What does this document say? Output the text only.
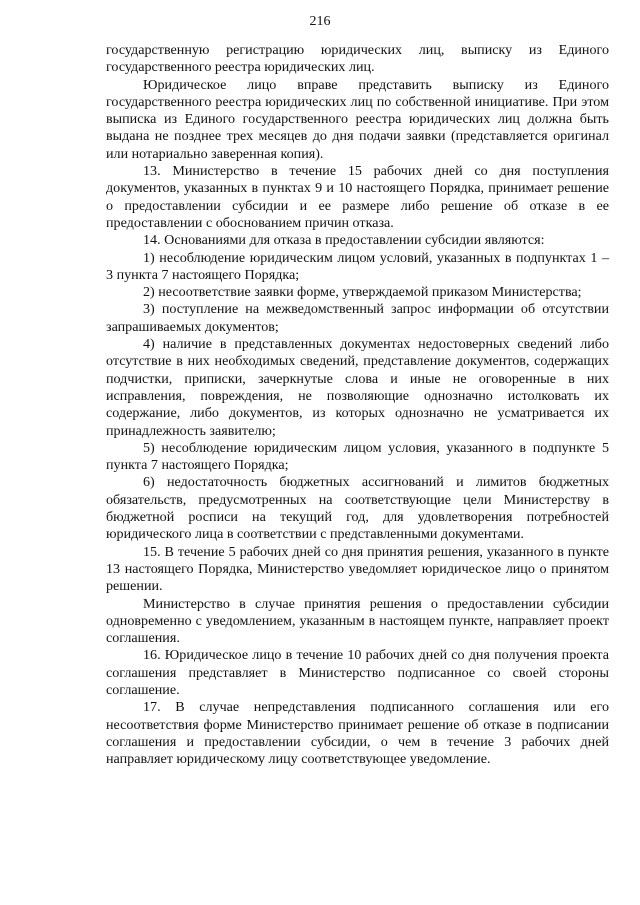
216

государственную регистрацию юридических лиц, выписку из Единого государственного реестра юридических лиц.

Юридическое лицо вправе представить выписку из Единого государственного реестра юридических лиц по собственной инициативе. При этом выписка из Единого государственного реестра юридических лиц должна быть выдана не позднее трех месяцев до дня подачи заявки (представляется оригинал или нотариально заверенная копия).

13. Министерство в течение 15 рабочих дней со дня поступления документов, указанных в пунктах 9 и 10 настоящего Порядка, принимает решение о предоставлении субсидии и ее размере либо решение об отказе в ее предоставлении с обоснованием причин отказа.

14. Основаниями для отказа в предоставлении субсидии являются:

1) несоблюдение юридическим лицом условий, указанных в подпунктах 1 – 3 пункта 7 настоящего Порядка;

2) несоответствие заявки форме, утверждаемой приказом Министерства;

3) поступление на межведомственный запрос информации об отсутствии запрашиваемых документов;

4) наличие в представленных документах недостоверных сведений либо отсутствие в них необходимых сведений, представление документов, содержащих подчистки, приписки, зачеркнутые слова и иные не оговоренные в них исправления, повреждения, не позволяющие однозначно истолковать их содержание, либо документов, из которых однозначно не усматривается их принадлежность заявителю;

5) несоблюдение юридическим лицом условия, указанного в подпункте 5 пункта 7 настоящего Порядка;

6) недостаточность бюджетных ассигнований и лимитов бюджетных обязательств, предусмотренных на соответствующие цели Министерству в бюджетной росписи на текущий год, для удовлетворения потребностей юридического лица в соответствии с представленными документами.

15. В течение 5 рабочих дней со дня принятия решения, указанного в пункте 13 настоящего Порядка, Министерство уведомляет юридическое лицо о принятом решении.

Министерство в случае принятия решения о предоставлении субсидии одновременно с уведомлением, указанным в настоящем пункте, направляет проект соглашения.

16. Юридическое лицо в течение 10 рабочих дней со дня получения проекта соглашения представляет в Министерство подписанное со своей стороны соглашение.

17. В случае непредставления подписанного соглашения или его несоответствия форме Министерство принимает решение об отказе в подписании соглашения и предоставлении субсидии, о чем в течение 3 рабочих дней направляет юридическому лицу соответствующее уведомление.
